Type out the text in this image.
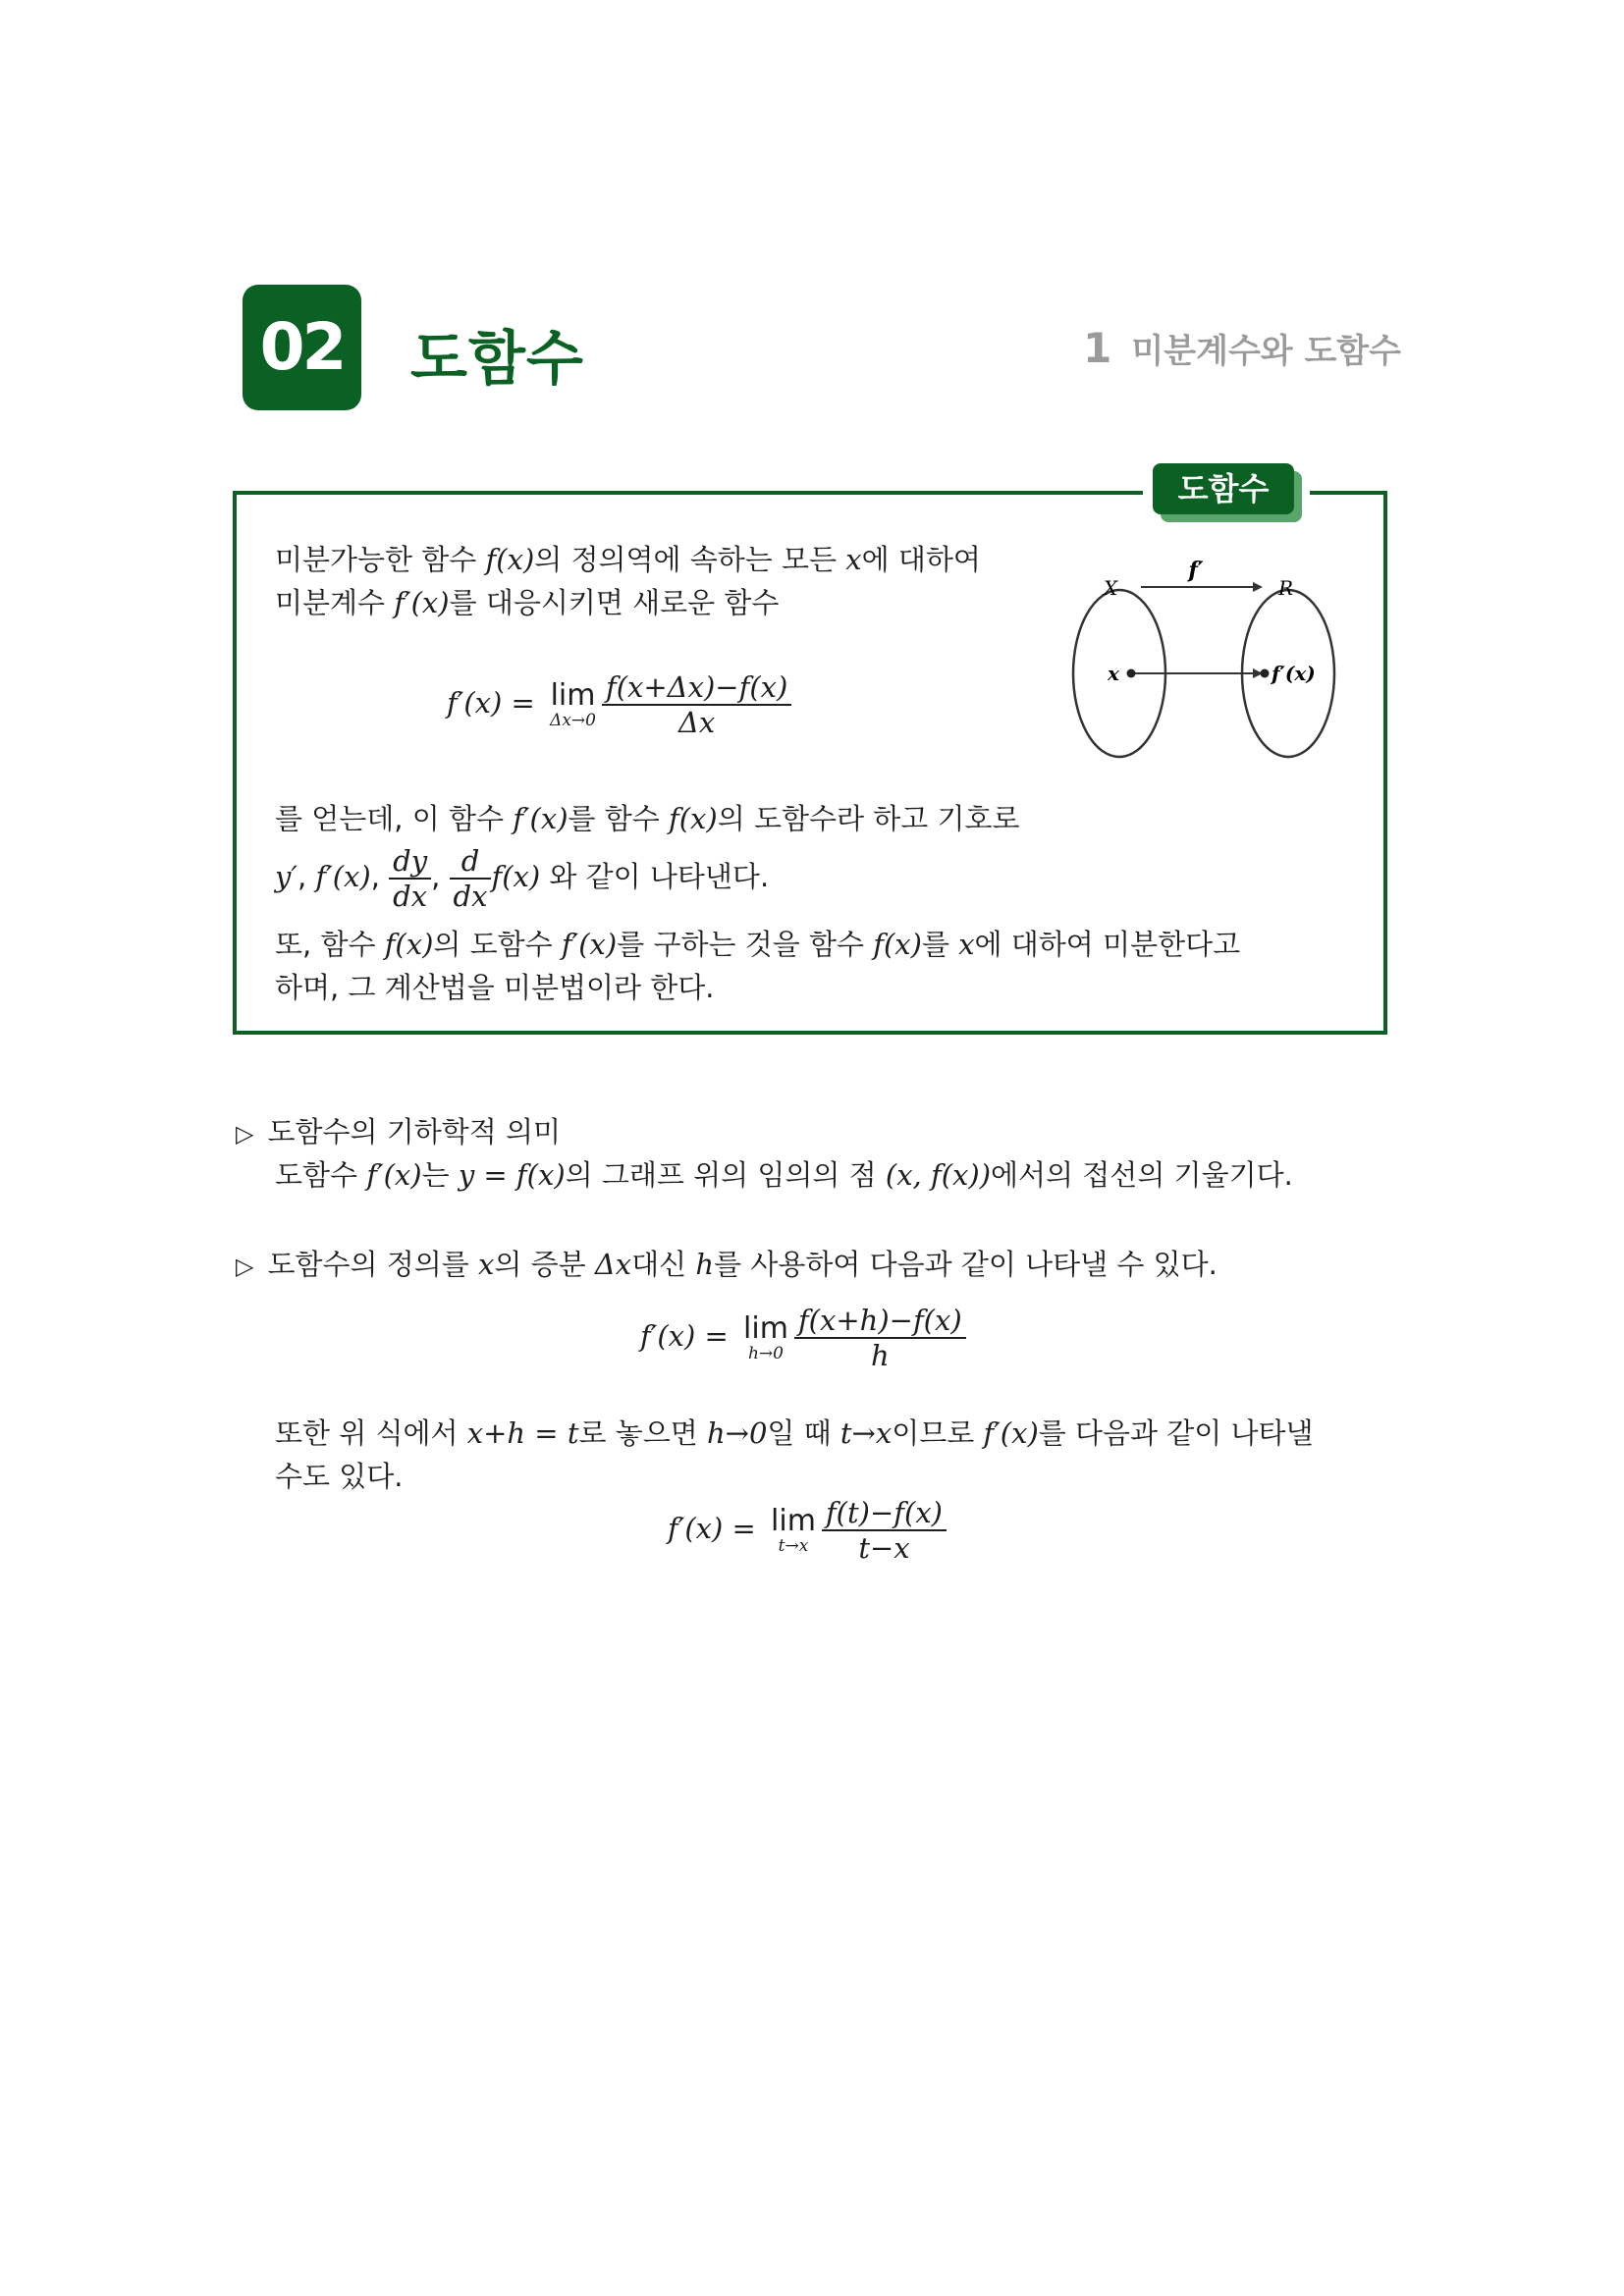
02 도함수	1 미분계수와 도함수
도함수
미분가능한 함수 f(x)의 정의역에 속하는 모든 x에 대하여
미분계수 f′(x)를 대응시키면 새로운 함수
f′(x) = lim
$\Delta x\to 0 \frac{f(x+\Delta x)-f(x)}{\Delta x}$
를 얻는데, 이 함수 f′(x)를 함수 f(x)의 도함수라 하고 기호로
y′, f′(x), $\frac{dy}{dx}$ , $\frac{d}{dx} f(x)$ 와 같이 나타낸다.
또, 함수 f(x)의 도함수 f′(x)를 구하는 것을 함수 f(x)를 x에 대하여 미분한다고
하며, 그 계산법을 미분법이라 한다.
f′
X	R
x	f′(x)
▷ 도함수의 기하학적 의미
도함수 f′(x)는 y = f(x)의 그래프 위의 임의의 점 (x, f(x))에서의 접선의 기울기다.
▷ 도함수의 정의를 x의 증분 Δx대신 h를 사용하여 다음과 같이 나타낼 수 있다.
f′(x) = lim
$h\to 0 \frac{f(x+h)-f(x)}{h}$
또한 위 식에서 x+h = t로 놓으면 h→0일 때 t→x이므로 f′(x)를 다음과 같이 나타낼
수도 있다.
f′(x) = lim
$t\to x \frac{f(t)-f(x)}{t-x}$
